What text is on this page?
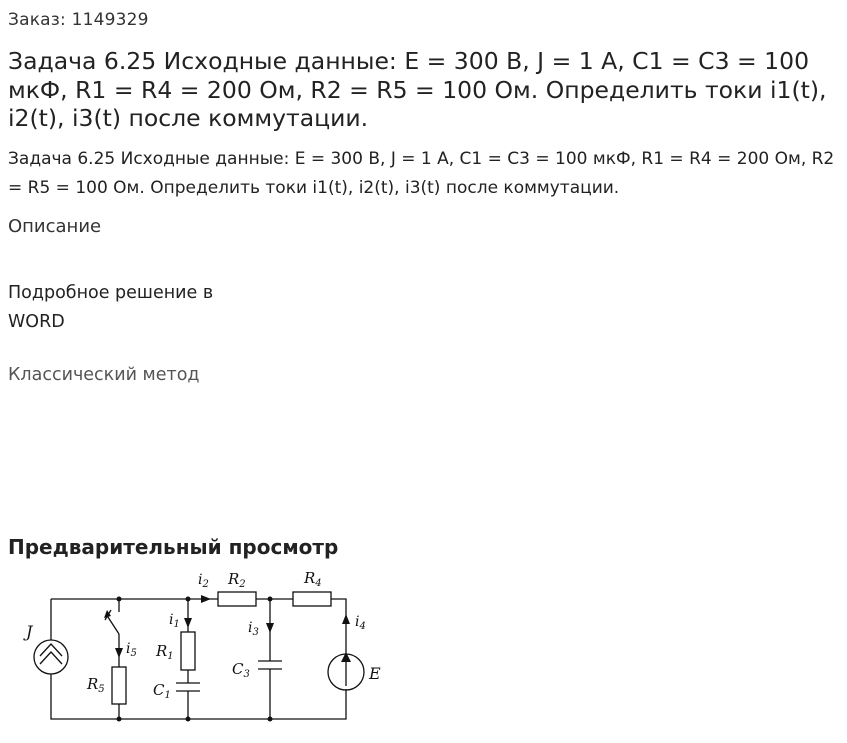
Заказ: 1149329
Задача 6.25 Исходные данные: E = 300 B, J = 1 A, C1 = C3 = 100 мкФ, R1 = R4 = 200 Ом, R2 = R5 = 100 Ом. Определить токи i1(t), i2(t), i3(t) после коммутации.
Задача 6.25 Исходные данные: E = 300 B, J = 1 A, C1 = C3 = 100 мкФ, R1 = R4 = 200 Ом, R2 = R5 = 100 Ом. Определить токи i1(t), i2(t), i3(t) после коммутации.
Описание
Подробное решение в WORD
Классический метод
Предварительный просмотр
J
E
$R_2$	$R_4$
$R_1$
$R_5$	$C_1$
$C_3$
$i_2$
$i_1$	$i_3$
$i_4$
$i_5$
